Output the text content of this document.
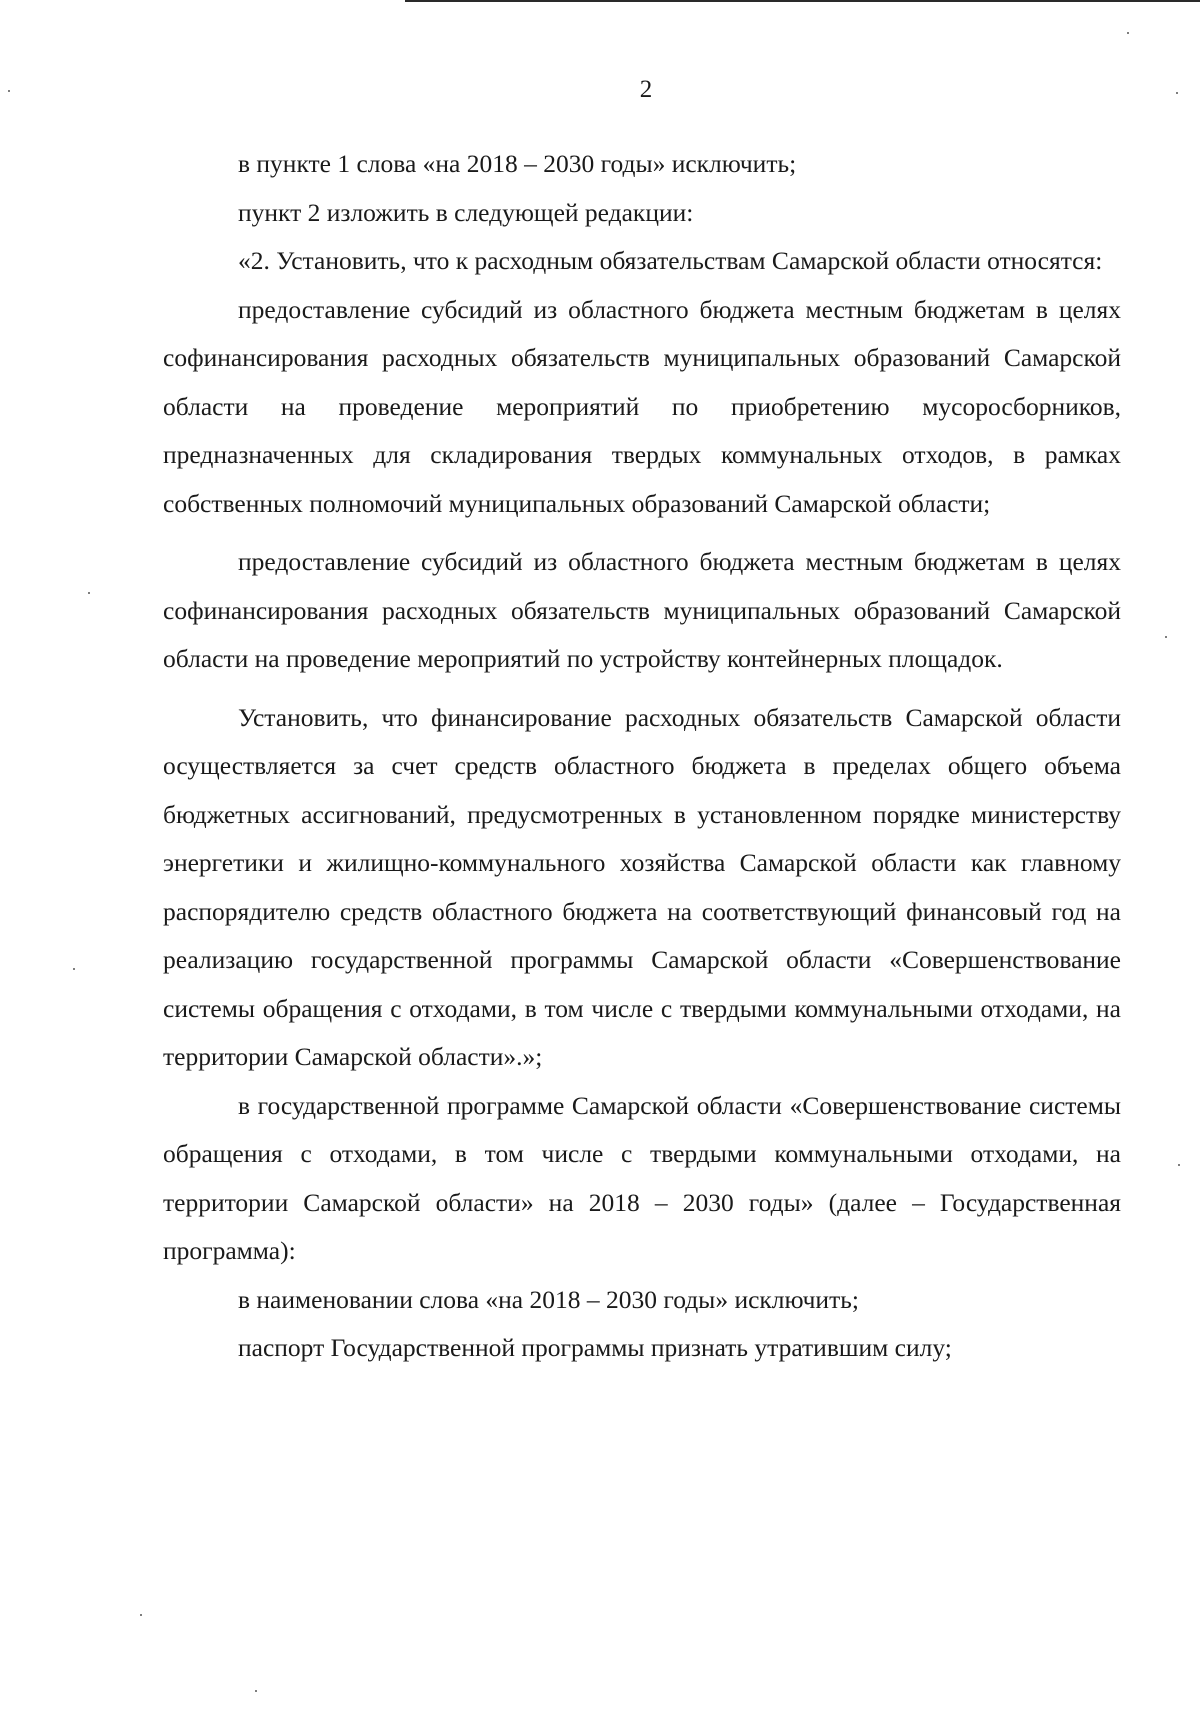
2

в пункте 1 слова «на 2018 – 2030 годы» исключить;

пункт 2 изложить в следующей редакции:

«2. Установить, что к расходным обязательствам Самарской области относятся:

предоставление субсидий из областного бюджета местным бюджетам в целях софинансирования расходных обязательств муниципальных образований Самарской области на проведение мероприятий по приобретению мусоросборников, предназначенных для складирования твердых коммунальных отходов, в рамках собственных полномочий муниципальных образований Самарской области;

предоставление субсидий из областного бюджета местным бюджетам в целях софинансирования расходных обязательств муниципальных образований Самарской области на проведение мероприятий по устройству контейнерных площадок.

Установить, что финансирование расходных обязательств Самарской области осуществляется за счет средств областного бюджета в пределах общего объема бюджетных ассигнований, предусмотренных в установленном порядке министерству энергетики и жилищно-коммунального хозяйства Самарской области как главному распорядителю средств областного бюджета на соответствующий финансовый год на реализацию государственной программы Самарской области «Совершенствование системы обращения с отходами, в том числе с твердыми коммунальными отходами, на территории Самарской области».»;

в государственной программе Самарской области «Совершенствование системы обращения с отходами, в том числе с твердыми коммунальными отходами, на территории Самарской области» на 2018 – 2030 годы» (далее – Государственная программа):

в наименовании слова «на 2018 – 2030 годы» исключить;

паспорт Государственной программы признать утратившим силу;
